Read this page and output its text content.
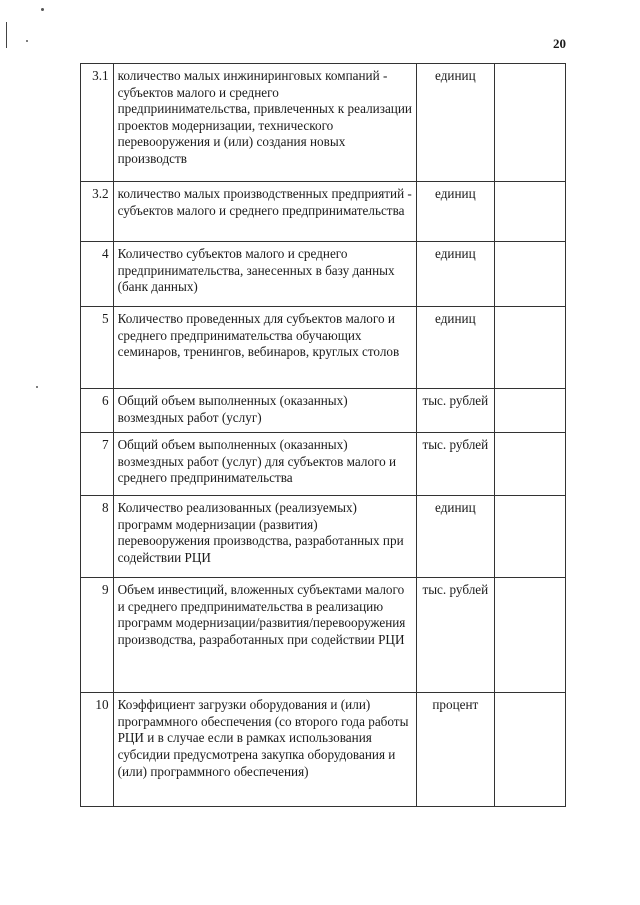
20
3.1	количество малых инжиниринговых компаний - субъектов малого и среднего предприинимательства, привлеченных к реализации проектов модернизации, технического перевооружения и (или) создания новых производств	единиц	
3.2	количество малых производственных предприятий - субъектов малого и среднего предпринимательства	единиц	
4	Количество субъектов малого и среднего предпринимательства, занесенных в базу данных (банк данных)	единиц	
5	Количество проведенных для субъектов малого и среднего предпринимательства обучающих семинаров, тренингов, вебинаров, круглых столов	единиц	
6	Общий объем выполненных (оказанных) возмездных работ (услуг)	тыс. рублей	
7	Общий объем выполненных (оказанных) возмездных работ (услуг) для субъектов малого и среднего предпринимательства	тыс. рублей	
8	Количество реализованных (реализуемых) программ модернизации (развития) перевооружения производства, разработанных при содействии РЦИ	единиц	
9	Объем инвестиций, вложенных субъектами малого и среднего предпринимательства в реализацию программ модернизации/развития/перевооружения производства, разработанных при содействии РЦИ	тыс. рублей	
10	Коэффициент загрузки оборудования и (или) программного обеспечения (со второго года работы РЦИ и в случае если в рамках использования субсидии предусмотрена закупка оборудования и (или) программного обеспечения)	процент	
